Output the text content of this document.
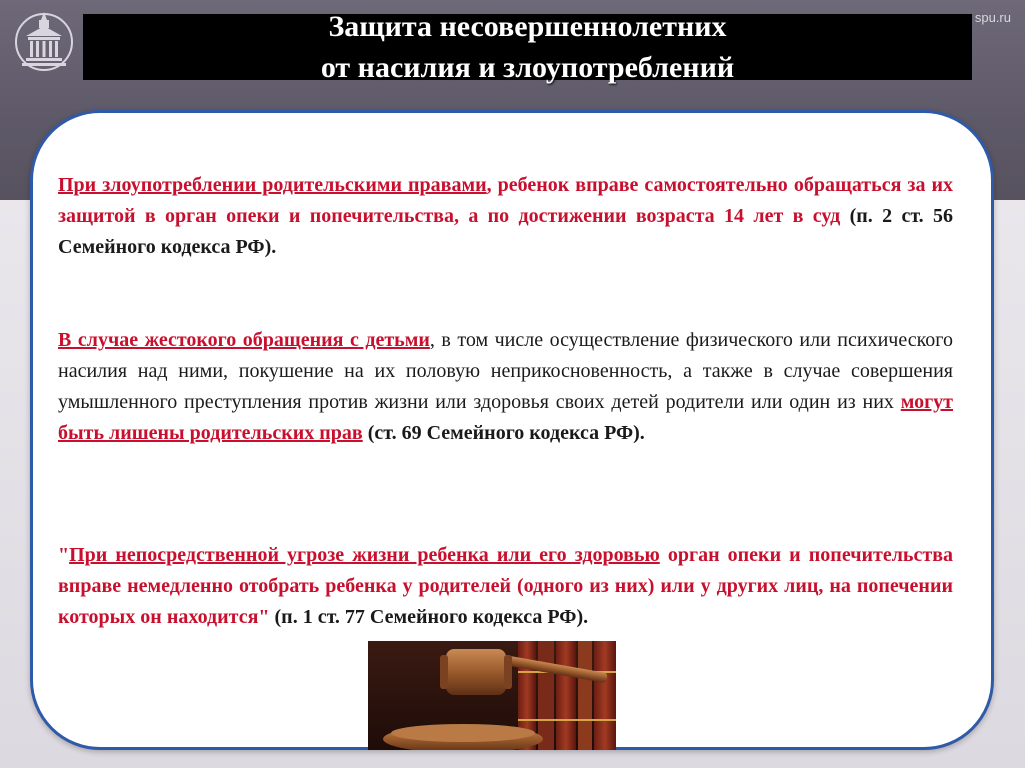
spu.ru
Защита несовершеннолетних
от насилия и злоупотреблений
При злоупотреблении родительскими правами, ребенок вправе самостоятельно обращаться за их защитой в орган опеки и попечительства, а по достижении возраста 14 лет в суд (п. 2 ст. 56 Семейного кодекса РФ).
В случае жестокого обращения с детьми, в том числе осуществление физического или психического насилия над ними, покушение на их половую неприкосновенность, а также в случае совершения умышленного преступления против жизни или здоровья своих детей родители или один из них могут быть лишены родительских прав (ст. 69 Семейного кодекса РФ).
"При непосредственной угрозе жизни ребенка или его здоровью орган опеки и попечительства вправе немедленно отобрать ребенка у родителей (одного из них) или у других лиц, на попечении которых он находится" (п. 1 ст. 77 Семейного кодекса РФ).
